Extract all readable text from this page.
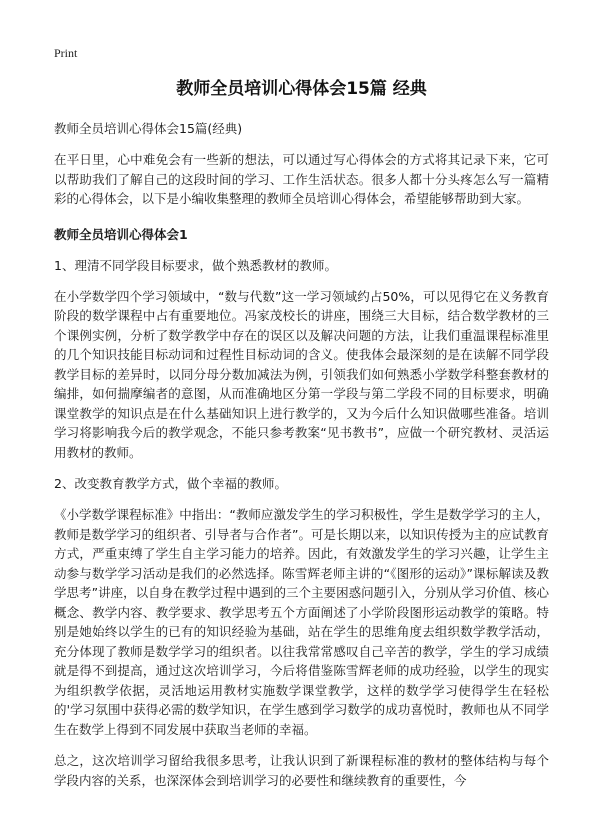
Print
教师全员培训心得体会15篇 经典
教师全员培训心得体会15篇(经典)

在平日里，心中难免会有一些新的想法，可以通过写心得体会的方式将其记录下来，它可以帮助我们了解自己的这段时间的学习、工作生活状态。很多人都十分头疼怎么写一篇精彩的心得体会，以下是小编收集整理的教师全员培训心得体会，希望能够帮助到大家。

教师全员培训心得体会1
1、理清不同学段目标要求，做个熟悉教材的教师。

在小学数学四个学习领域中，“数与代数”这一学习领域约占50%，可以见得它在义务教育阶段的数学课程中占有重要地位。冯家茂校长的讲座，围绕三大目标，结合数学教材的三个课例实例，分析了数学教学中存在的误区以及解决问题的方法，让我们重温课程标准里的几个知识技能目标动词和过程性目标动词的含义。使我体会最深刻的是在读解不同学段教学目标的差异时，以同分母分数加减法为例，引领我们如何熟悉小学数学科整套教材的编排，如何揣摩编者的意图，从而准确地区分第一学段与第二学段不同的目标要求，明确课堂教学的知识点是在什么基础知识上进行教学的，又为今后什么知识做哪些准备。培训学习将影响我今后的教学观念，不能只参考教案“见书教书”，应做一个研究教材、灵活运用教材的教师。

2、改变教育教学方式，做个幸福的教师。

《小学数学课程标准》中指出：“教师应激发学生的学习积极性，学生是数学学习的主人，教师是数学学习的组织者、引导者与合作者”。可是长期以来，以知识传授为主的应试教育方式，严重束缚了学生自主学习能力的培养。因此，有效激发学生的学习兴趣，让学生主动参与数学学习活动是我们的必然选择。陈雪辉老师主讲的“《图形的运动》”课标解读及教学思考”讲座，以自身在教学过程中遇到的三个主要困惑问题引入，分别从学习价值、核心概念、教学内容、教学要求、教学思考五个方面阐述了小学阶段图形运动教学的策略。特别是她始终以学生的已有的知识经验为基础，站在学生的思维角度去组织数学教学活动，充分体现了教师是数学学习的组织者。以往我常常感叹自己辛苦的教学，学生的学习成绩就是得不到提高，通过这次培训学习，今后将借鉴陈雪辉老师的成功经验，以学生的现实为组织教学依据，灵活地运用教材实施数学课堂教学，这样的数学学习使得学生在轻松的'学习氛围中获得必需的数学知识，在学生感到学习数学的成功喜悦时，教师也从不同学生在数学上得到不同发展中获取当老师的幸福。

总之，这次培训学习留给我很多思考，让我认识到了新课程标准的教材的整体结构与每个学段内容的关系，也深深体会到培训学习的必要性和继续教育的重要性，今
